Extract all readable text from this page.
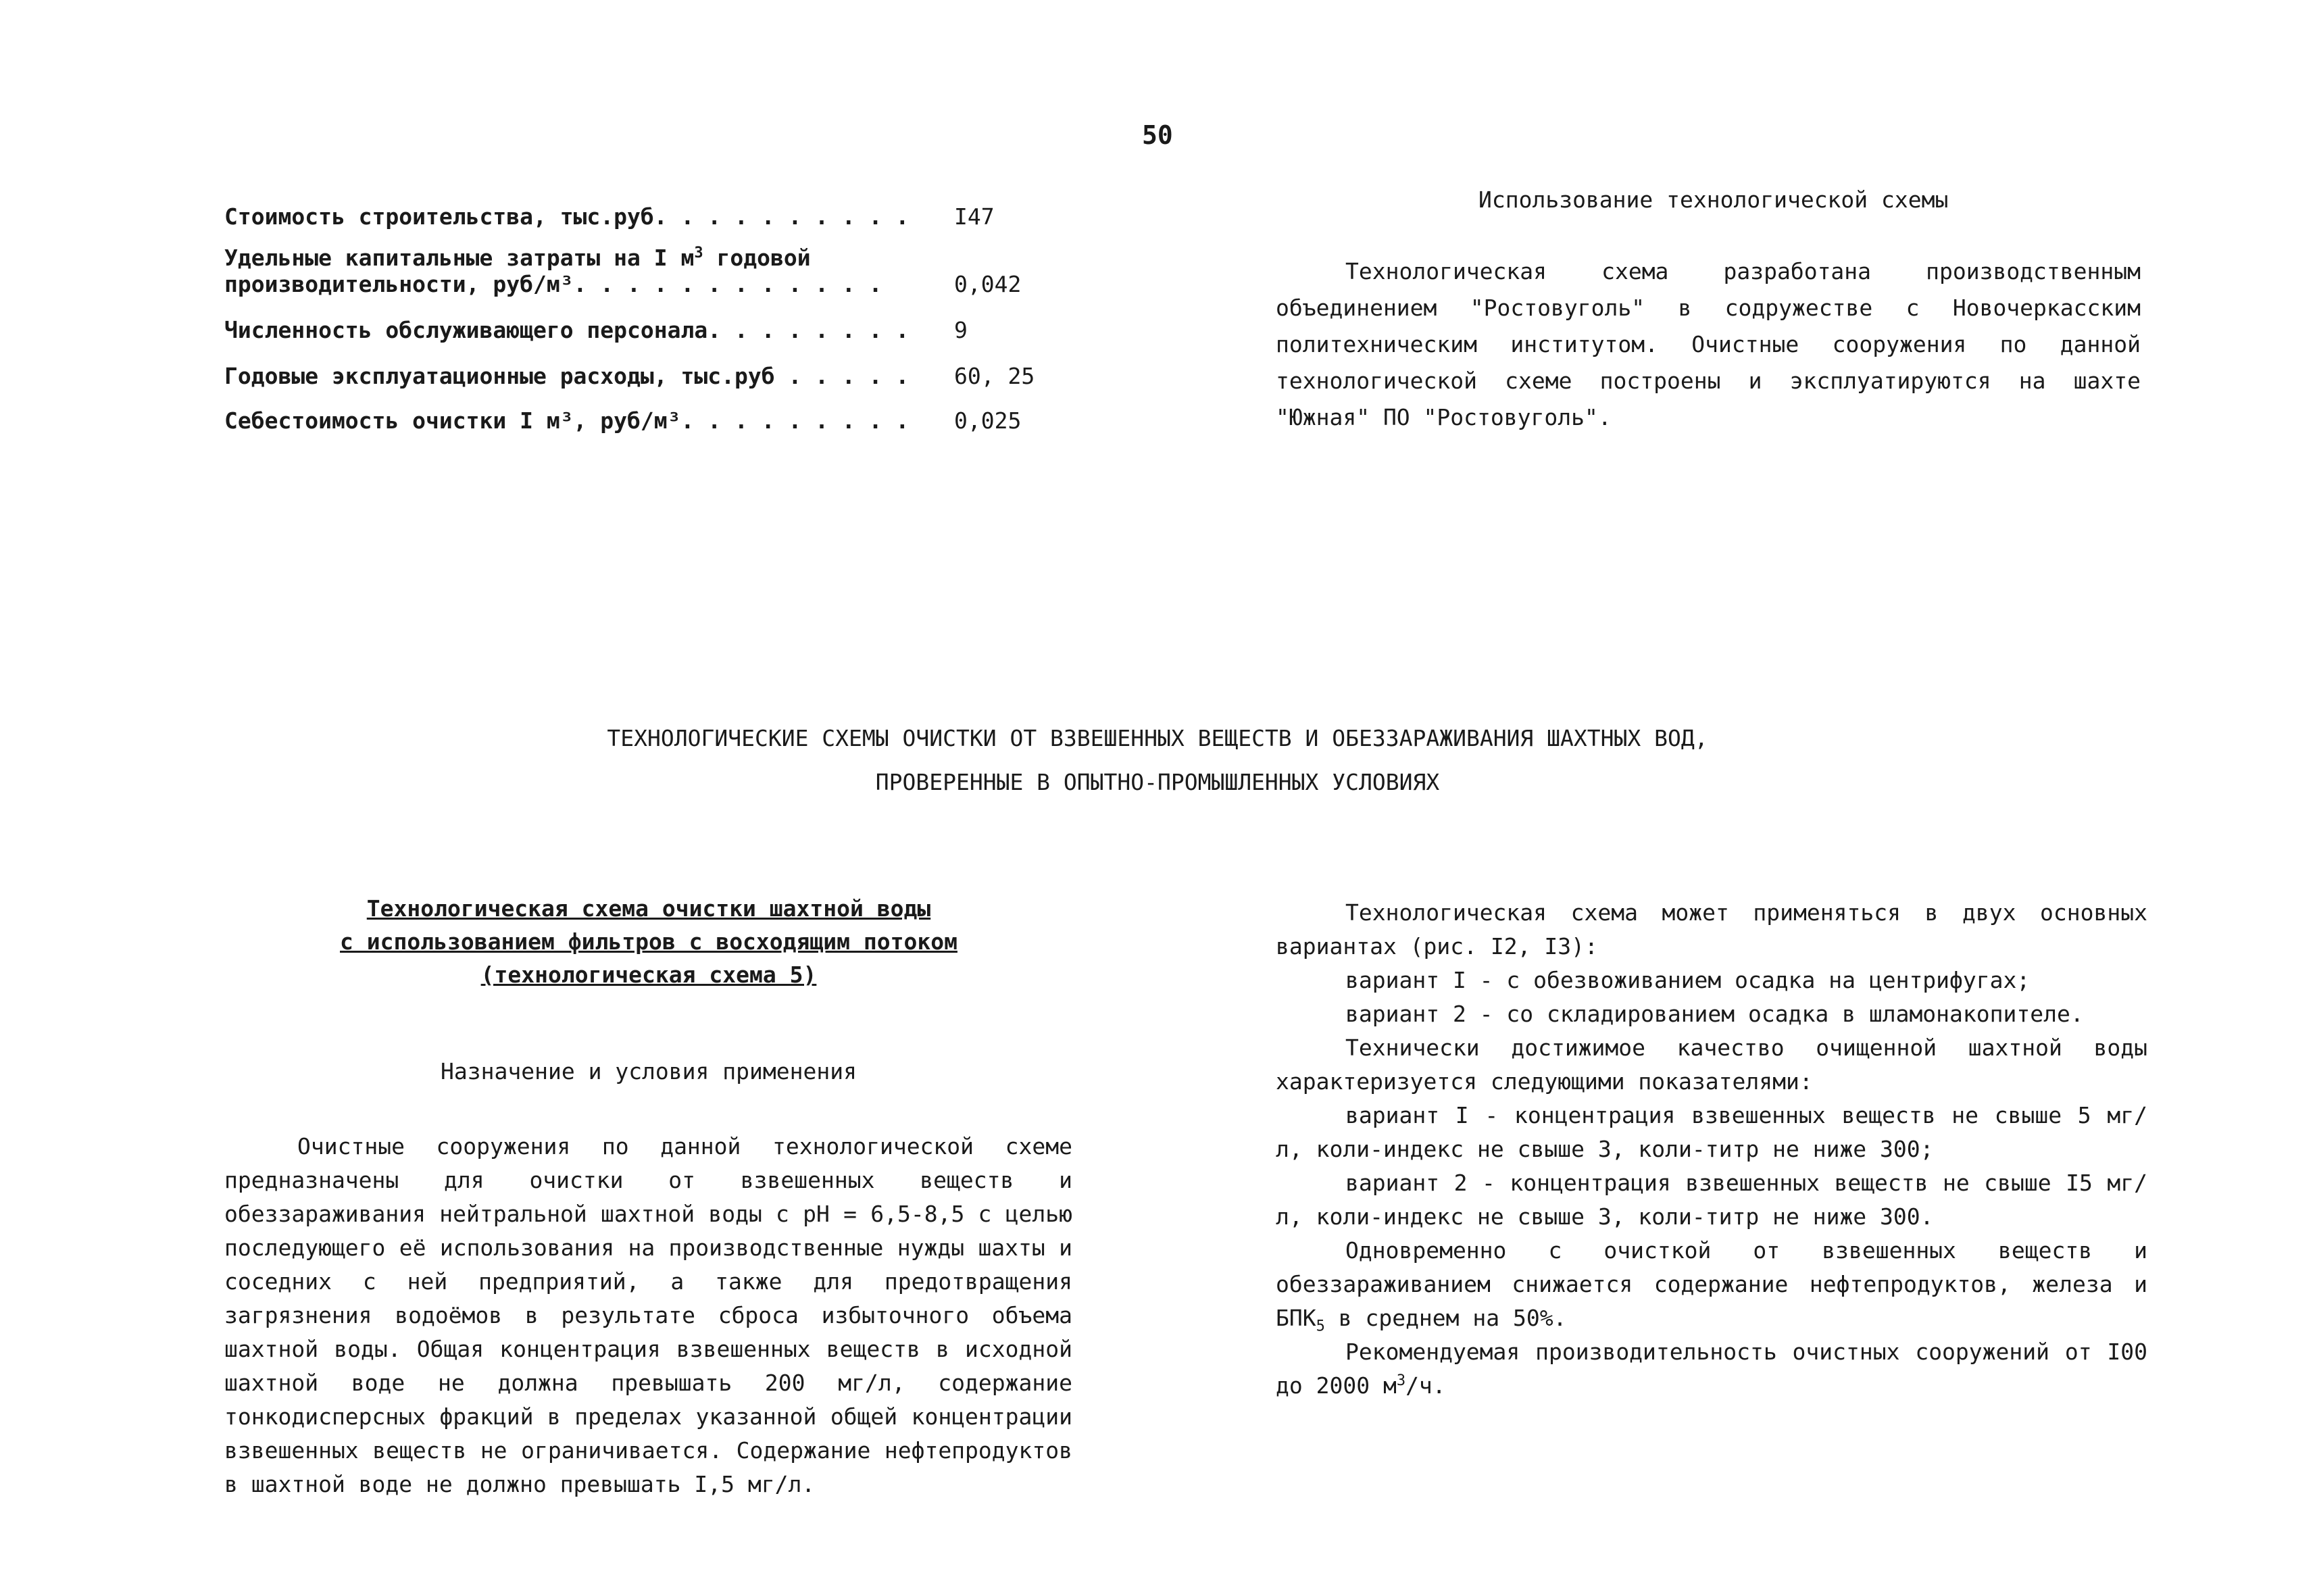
50
Стоимость строительства, тыс.руб. . . . . . . . . .	I47
Удельные капитальные затраты на I $м^3$ годовой
производительности, руб/м³. . . . . . . . . . . .	0,042
Численность обслуживающего персонала. . . . . . . .	9
Годовые эксплуатационные расходы, тыс.руб . . . . .	60, 25
Себестоимость очистки I м³, руб/м³. . . . . . . . .	0,025
Использование технологической схемы
Технологическая схема разработана производственным объединением "Ростовуголь" в содружестве с Новочеркасским политехническим институтом. Очистные сооружения по данной технологической схеме построены и эксплуатируются на шахте "Южная" ПО "Ростовуголь".
ТЕХНОЛОГИЧЕСКИЕ СХЕМЫ ОЧИСТКИ ОТ ВЗВЕШЕННЫХ ВЕЩЕСТВ И ОБЕЗЗАРАЖИВАНИЯ ШАХТНЫХ ВОД,
ПРОВЕРЕННЫЕ В ОПЫТНО-ПРОМЫШЛЕННЫХ УСЛОВИЯХ
Технологическая схема очистки шахтной воды
с использованием фильтров с восходящим потоком
(технологическая схема 5)
Назначение и условия применения
Очистные сооружения по данной технологической схеме предназначены для очистки от взвешенных веществ и обеззараживания нейтральной шахтной воды с pH = 6,5-8,5 с целью последующего её использования на производственные нужды шахты и соседних с ней предприятий, а также для предотвращения загрязнения водоёмов в результате сброса избыточного объема шахтной воды. Общая концентрация взвешенных веществ в исходной шахтной воде не должна превышать 200 мг/л, содержание тонкодисперсных фракций в пределах указанной общей концентрации взвешенных веществ не ограничивается. Содержание нефтепродуктов в шахтной воде не должно превышать I,5 мг/л.

Технологическая схема может применяться в двух основных вариантах (рис. I2, I3):

вариант I - с обезвоживанием осадка на центрифугах;

вариант 2 - со складированием осадка в шламонакопителе.

Технически достижимое качество очищенной шахтной воды характеризуется следующими показателями:

вариант I - концентрация взвешенных веществ не свыше 5 мг/л, коли-индекс не свыше 3, коли-титр не ниже 300;

вариант 2 - концентрация взвешенных веществ не свыше I5 мг/л, коли-индекс не свыше 3, коли-титр не ниже 300.

Одновременно с очисткой от взвешенных веществ и обеззараживанием снижается содержание нефтепродуктов, железа и $БПК_5$ в среднем на 50%.

Рекомендуемая производительность очистных сооружений от I00 до 2000 $м^3/ч$.
